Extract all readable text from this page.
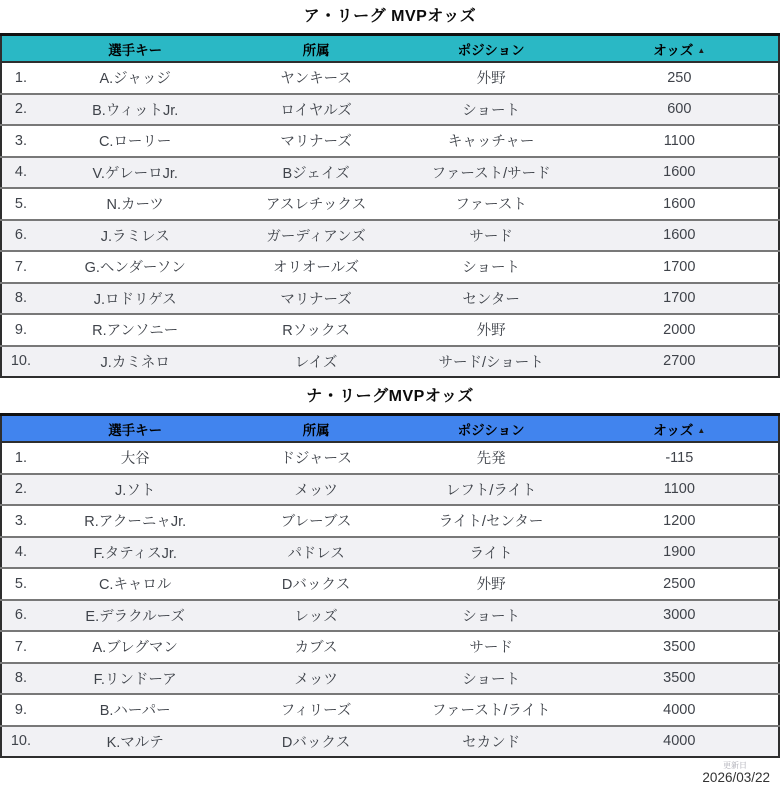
ア・リーグ MVPオッズ
	選手キー	所属	ポジション	オッズ ▲
1.	A.ジャッジ	ヤンキース	外野	250
2.	B.ウィットJr.	ロイヤルズ	ショート	600
3.	C.ローリー	マリナーズ	キャッチャー	1100
4.	V.ゲレーロJr.	Bジェイズ	ファースト/サード	1600
5.	N.カーツ	アスレチックス	ファースト	1600
6.	J.ラミレス	ガーディアンズ	サード	1600
7.	G.ヘンダーソン	オリオールズ	ショート	1700
8.	J.ロドリゲス	マリナーズ	センター	1700
9.	R.アンソニー	Rソックス	外野	2000
10.	J.カミネロ	レイズ	サード/ショート	2700
ナ・リーグMVPオッズ
	選手キー	所属	ポジション	オッズ ▲
1.	大谷	ドジャース	先発	-115
2.	J.ソト	メッツ	レフト/ライト	1100
3.	R.アクーニャJr.	ブレーブス	ライト/センター	1200
4.	F.タティスJr.	パドレス	ライト	1900
5.	C.キャロル	Dバックス	外野	2500
6.	E.デラクルーズ	レッズ	ショート	3000
7.	A.ブレグマン	カブス	サード	3500
8.	F.リンドーア	メッツ	ショート	3500
9.	B.ハーパー	フィリーズ	ファースト/ライト	4000
10.	K.マルテ	Dバックス	セカンド	4000
更新日
2026/03/22
